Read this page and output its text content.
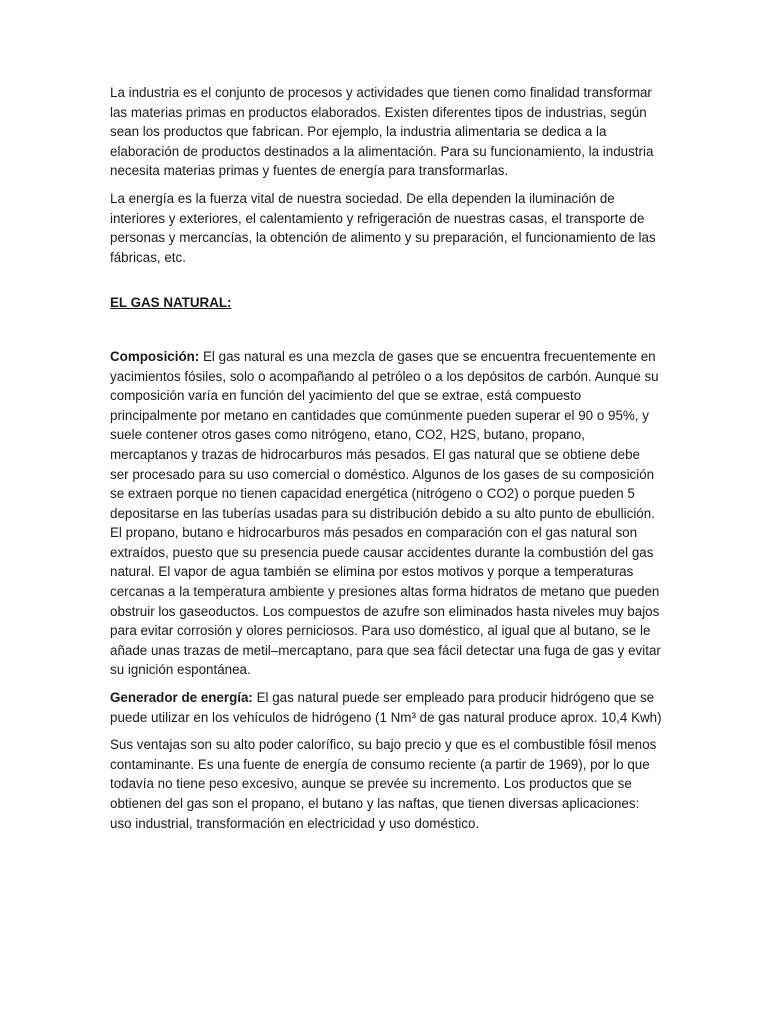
La industria es el conjunto de procesos y actividades que tienen como finalidad transformar las materias primas en productos elaborados. Existen diferentes tipos de industrias, según sean los productos que fabrican. Por ejemplo, la industria alimentaria se dedica a la elaboración de productos destinados a la alimentación. Para su funcionamiento, la industria necesita materias primas y fuentes de energía para transformarlas.

La energía es la fuerza vital de nuestra sociedad. De ella dependen la iluminación de interiores y exteriores, el calentamiento y refrigeración de nuestras casas, el transporte de personas y mercancías, la obtención de alimento y su preparación, el funcionamiento de las fábricas, etc.

EL GAS NATURAL:

Composición: El gas natural es una mezcla de gases que se encuentra frecuentemente en yacimientos fósiles, solo o acompañando al petróleo o a los depósitos de carbón. Aunque su composición varía en función del yacimiento del que se extrae, está compuesto principalmente por metano en cantidades que comúnmente pueden superar el 90 o 95%, y suele contener otros gases como nitrógeno, etano, CO2, H2S, butano, propano, mercaptanos y trazas de hidrocarburos más pesados. El gas natural que se obtiene debe ser procesado para su uso comercial o doméstico. Algunos de los gases de su composición se extraen porque no tienen capacidad energética (nitrógeno o CO2) o porque pueden 5 depositarse en las tuberías usadas para su distribución debido a su alto punto de ebullición. El propano, butano e hidrocarburos más pesados en comparación con el gas natural son extraídos, puesto que su presencia puede causar accidentes durante la combustión del gas natural. El vapor de agua también se elimina por estos motivos y porque a temperaturas cercanas a la temperatura ambiente y presiones altas forma hidratos de metano que pueden obstruir los gaseoductos. Los compuestos de azufre son eliminados hasta niveles muy bajos para evitar corrosión y olores perniciosos. Para uso doméstico, al igual que al butano, se le añade unas trazas de metil–mercaptano, para que sea fácil detectar una fuga de gas y evitar su ignición espontánea.

Generador de energía: El gas natural puede ser empleado para producir hidrógeno que se puede utilizar en los vehículos de hidrógeno (1 Nm³ de gas natural produce aprox. 10,4 Kwh)

Sus ventajas son su alto poder calorífico, su bajo precio y que es el combustible fósil menos contaminante. Es una fuente de energía de consumo reciente (a partir de 1969), por lo que todavía no tiene peso excesivo, aunque se prevée su incremento. Los productos que se obtienen del gas son el propano, el butano y las naftas, que tienen diversas aplicaciones: uso industrial, transformación en electricidad y uso doméstico.
